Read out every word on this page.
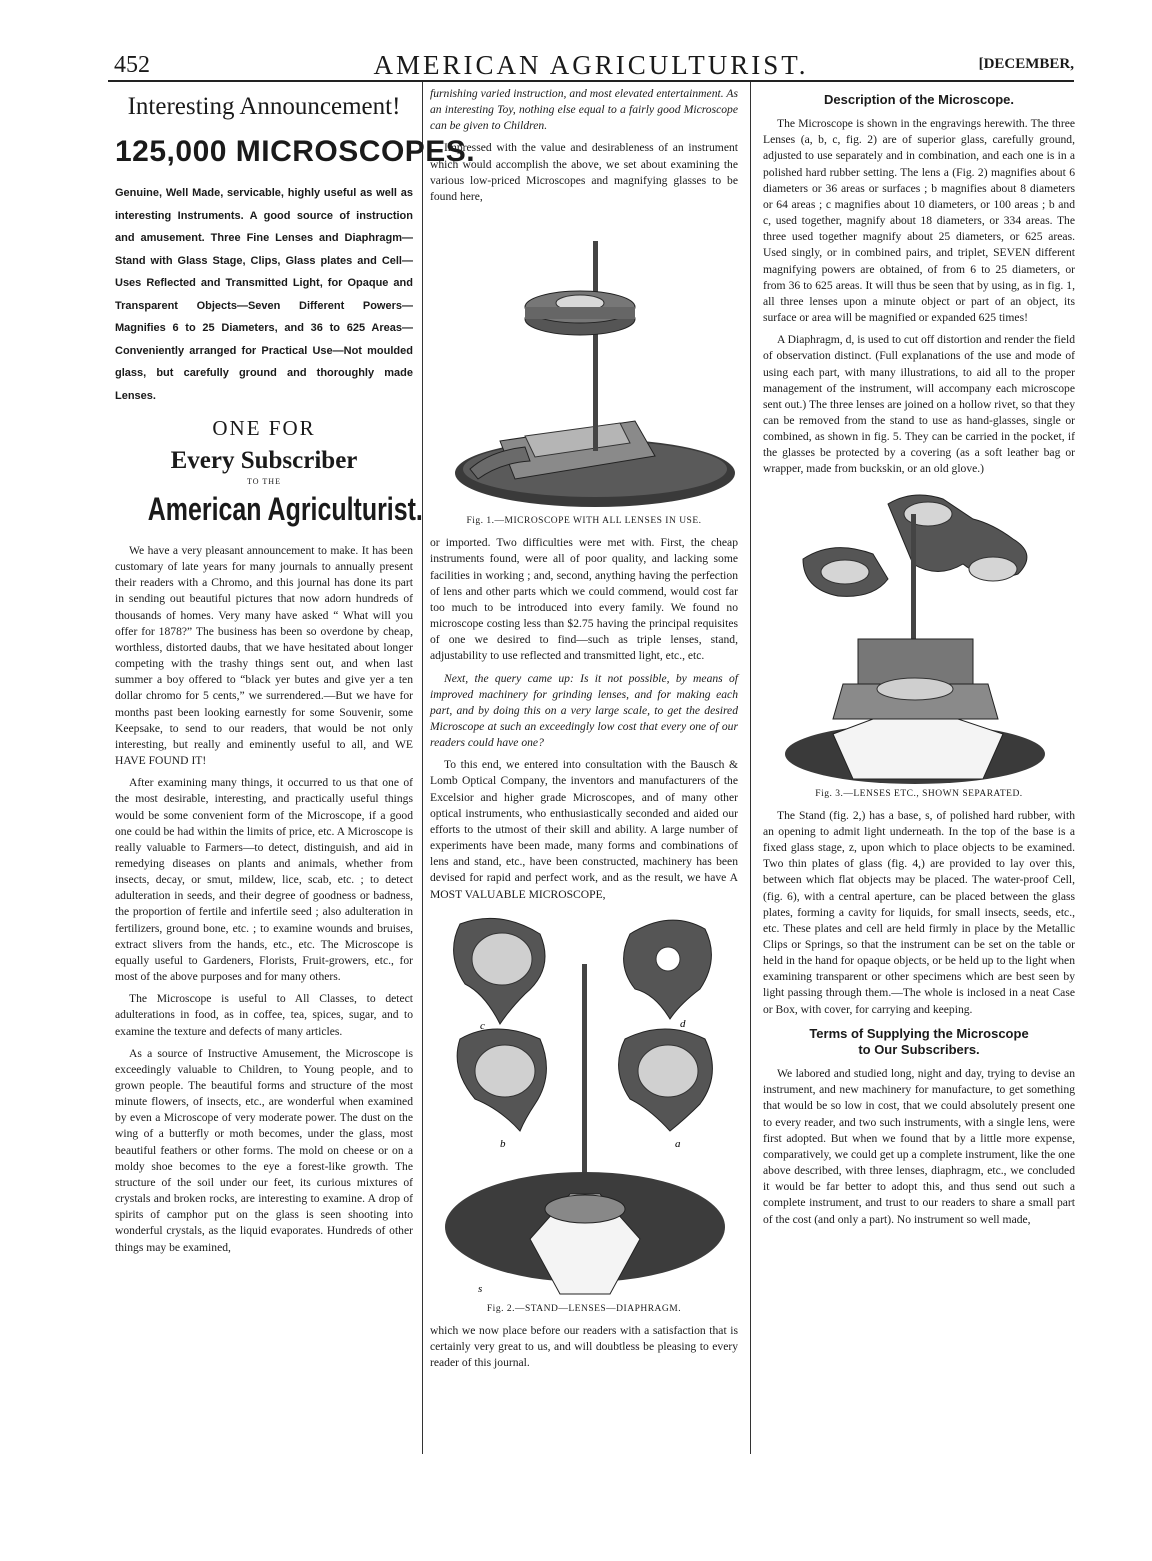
452	AMERICAN AGRICULTURIST.	[DECEMBER,
Interesting Announcement!
125,000 MICROSCOPES.
Genuine, Well Made, servicable, highly useful as well as interesting Instruments. A good source of instruction and amusement. Three Fine Lenses and Diaphragm—Stand with Glass Stage, Clips, Glass plates and Cell—Uses Reflected and Transmitted Light, for Opaque and Transparent Objects—Seven Different Powers—Magnifies 6 to 25 Diameters, and 36 to 625 Areas—Conveniently arranged for Practical Use—Not moulded glass, but carefully ground and thoroughly made Lenses.
ONE FOR
Every Subscriber
TO THE
American Agriculturist.

We have a very pleasant announcement to make. It has been customary of late years for many journals to annually present their readers with a Chromo, and this journal has done its part in sending out beautiful pictures that now adorn hundreds of thousands of homes. Very many have asked “ What will you offer for 1878?” The business has been so overdone by cheap, worthless, distorted daubs, that we have hesitated about longer competing with the trashy things sent out, and when last summer a boy offered to “black yer butes and give yer a ten dollar chromo for 5 cents,” we surrendered.—But we have for months past been looking earnestly for some Souvenir, some Keepsake, to send to our readers, that would be not only interesting, but really and eminently useful to all, and WE HAVE FOUND IT!

After examining many things, it occurred to us that one of the most desirable, interesting, and practically useful things would be some convenient form of the Microscope, if a good one could be had within the limits of price, etc. A Microscope is really valuable to Farmers—to detect, distinguish, and aid in remedying diseases on plants and animals, whether from insects, decay, or smut, mildew, lice, scab, etc. ; to detect adulteration in seeds, and their degree of goodness or badness, the proportion of fertile and infertile seed ; also adulteration in fertilizers, ground bone, etc. ; to examine wounds and bruises, extract slivers from the hands, etc., etc. The Microscope is equally useful to Gardeners, Florists, Fruit-growers, etc., for most of the above purposes and for many others.

The Microscope is useful to All Classes, to detect adulterations in food, as in coffee, tea, spices, sugar, and to examine the texture and defects of many articles.

As a source of Instructive Amusement, the Microscope is exceedingly valuable to Children, to Young people, and to grown people. The beautiful forms and structure of the most minute flowers, of insects, etc., are wonderful when examined by even a Microscope of very moderate power. The dust on the wing of a butterfly or moth becomes, under the glass, most beautiful feathers or other forms. The mold on cheese or on a moldy shoe becomes to the eye a forest-like growth. The structure of the soil under our feet, its curious mixtures of crystals and broken rocks, are interesting to examine. A drop of spirits of camphor put on the glass is seen shooting into wonderful crystals, as the liquid evaporates. Hundreds of other things may be examined,

furnishing varied instruction, and most elevated entertainment. As an interesting Toy, nothing else equal to a fairly good Microscope can be given to Children.

Impressed with the value and desirableness of an instrument which would accomplish the above, we set about examining the various low-priced Microscopes and magnifying glasses to be found here,

Fig. 1.—MICROSCOPE WITH ALL LENSES IN USE.

or imported. Two difficulties were met with. First, the cheap instruments found, were all of poor quality, and lacking some facilities in working ; and, second, anything having the perfection of lens and other parts which we could commend, would cost far too much to be introduced into every family. We found no microscope costing less than $2.75 having the principal requisites of one we desired to find—such as triple lenses, stand, adjustability to use reflected and transmitted light, etc., etc.

Next, the query came up: Is it not possible, by means of improved machinery for grinding lenses, and for making each part, and by doing this on a very large scale, to get the desired Microscope at such an exceedingly low cost that every one of our readers could have one?

To this end, we entered into consultation with the Bausch & Lomb Optical Company, the inventors and manufacturers of the Excelsior and higher grade Microscopes, and of many other optical instruments, who enthusiastically seconded and aided our efforts to the utmost of their skill and ability. A large number of experiments have been made, many forms and combinations of lens and stand, etc., have been constructed, machinery has been devised for rapid and perfect work, and as the result, we have A MOST VALUABLE MICROSCOPE,

c	d
b	a
s
Fig. 2.—STAND—LENSES—DIAPHRAGM.

which we now place before our readers with a satisfaction that is certainly very great to us, and will doubtless be pleasing to every reader of this journal.

Description of the Microscope.

The Microscope is shown in the engravings herewith. The three Lenses (a, b, c, fig. 2) are of superior glass, carefully ground, adjusted to use separately and in combination, and each one is in a polished hard rubber setting. The lens a (Fig. 2) magnifies about 6 diameters or 36 areas or surfaces ; b magnifies about 8 diameters or 64 areas ; c magnifies about 10 diameters, or 100 areas ; b and c, used together, magnify about 18 diameters, or 334 areas. The three used together magnify about 25 diameters, or 625 areas. Used singly, or in combined pairs, and triplet, SEVEN different magnifying powers are obtained, of from 6 to 25 diameters, or from 36 to 625 areas. It will thus be seen that by using, as in fig. 1, all three lenses upon a minute object or part of an object, its surface or area will be magnified or expanded 625 times!

A Diaphragm, d, is used to cut off distortion and render the field of observation distinct. (Full explanations of the use and mode of using each part, with many illustrations, to aid all to the proper management of the instrument, will accompany each microscope sent out.) The three lenses are joined on a hollow rivet, so that they can be removed from the stand to use as hand-glasses, single or combined, as shown in fig. 5. They can be carried in the pocket, if the glasses be protected by a covering (as a soft leather bag or wrapper, made from buckskin, or an old glove.)

Fig. 3.—LENSES ETC., SHOWN SEPARATED.

The Stand (fig. 2,) has a base, s, of polished hard rubber, with an opening to admit light underneath. In the top of the base is a fixed glass stage, z, upon which to place objects to be examined. Two thin plates of glass (fig. 4,) are provided to lay over this, between which flat objects may be placed. The water-proof Cell, (fig. 6), with a central aperture, can be placed between the glass plates, forming a cavity for liquids, for small insects, seeds, etc., etc. These plates and cell are held firmly in place by the Metallic Clips or Springs, so that the instrument can be set on the table or held in the hand for opaque objects, or be held up to the light when examining transparent or other specimens which are best seen by light passing through them.—The whole is inclosed in a neat Case or Box, with cover, for carrying and keeping.

Terms of Supplying the Microscope
to Our Subscribers.

We labored and studied long, night and day, trying to devise an instrument, and new machinery for manufacture, to get something that would be so low in cost, that we could absolutely present one to every reader, and two such instruments, with a single lens, were first adopted. But when we found that by a little more expense, comparatively, we could get up a complete instrument, like the one above described, with three lenses, diaphragm, etc., we concluded it would be far better to adopt this, and thus send out such a complete instrument, and trust to our readers to share a small part of the cost (and only a part). No instrument so well made,
